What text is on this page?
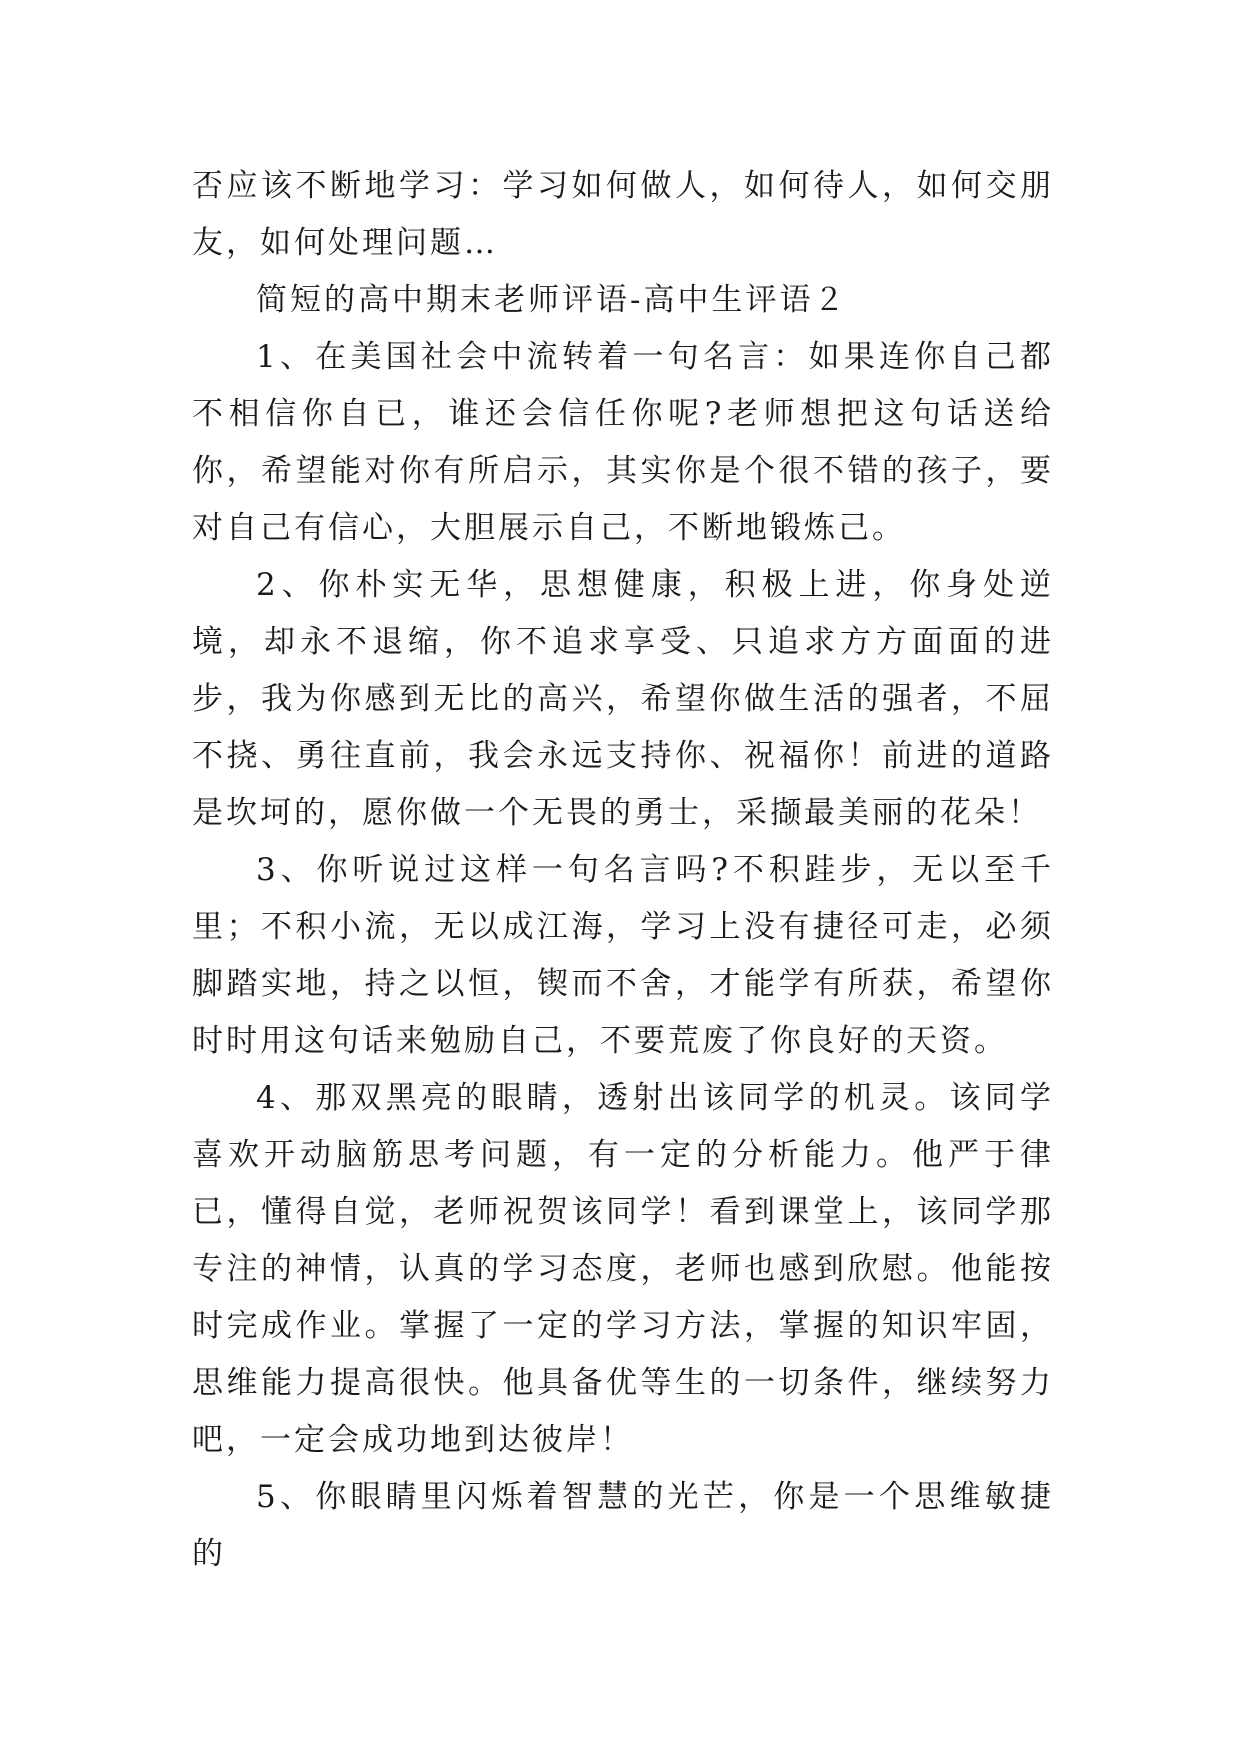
否应该不断地学习：学习如何做人，如何待人，如何交朋友，如何处理问题…

简短的高中期末老师评语-高中生评语２

1、在美国社会中流转着一句名言：如果连你自己都不相信你自已，谁还会信任你呢?老师想把这句话送给你，希望能对你有所启示，其实你是个很不错的孩子，要对自己有信心，大胆展示自己，不断地锻炼己。

2、你朴实无华，思想健康，积极上进，你身处逆境，却永不退缩，你不追求享受、只追求方方面面的进步，我为你感到无比的高兴，希望你做生活的强者，不屈不挠、勇往直前，我会永远支持你、祝福你！前进的道路是坎坷的，愿你做一个无畏的勇士，采撷最美丽的花朵！

3、你听说过这样一句名言吗?不积跬步，无以至千里；不积小流，无以成江海，学习上没有捷径可走，必须脚踏实地，持之以恒，锲而不舍，才能学有所获，希望你时时用这句话来勉励自己，不要荒废了你良好的天资。

4、那双黑亮的眼睛，透射出该同学的机灵。该同学喜欢开动脑筋思考问题，有一定的分析能力。他严于律已，懂得自觉，老师祝贺该同学！看到课堂上，该同学那专注的神情，认真的学习态度，老师也感到欣慰。他能按时完成作业。掌握了一定的学习方法，掌握的知识牢固，思维能力提高很快。他具备优等生的一切条件，继续努力吧，一定会成功地到达彼岸！

5、你眼睛里闪烁着智慧的光芒，你是一个思维敏捷的
